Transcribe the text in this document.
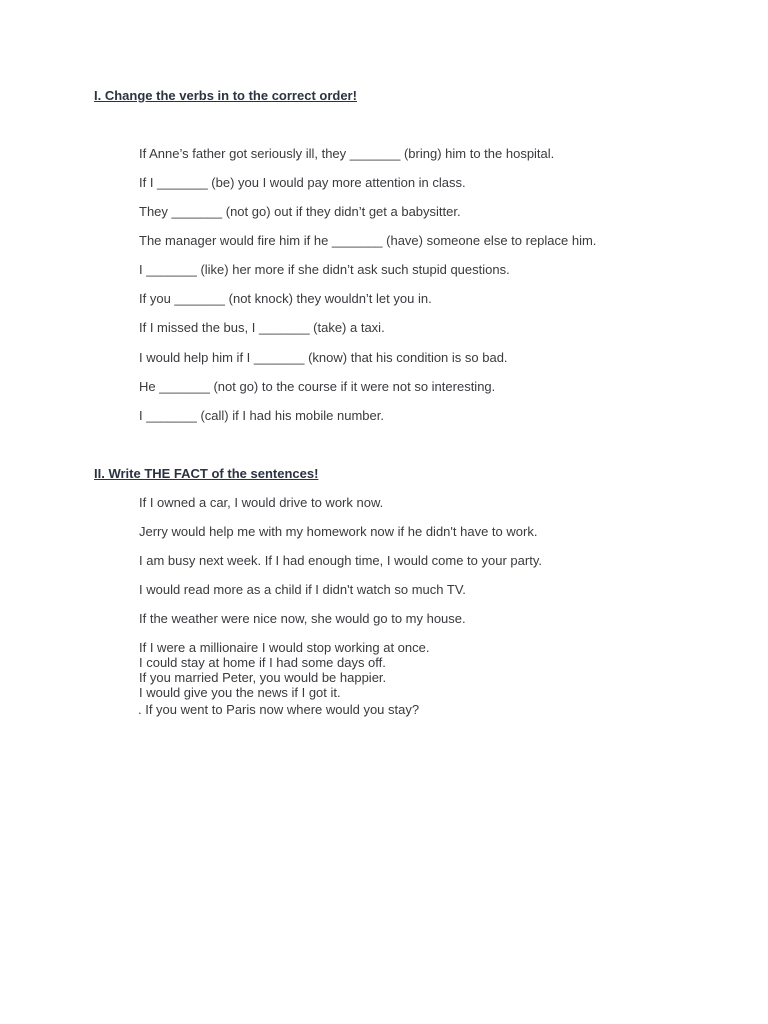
I. Change the verbs in to the correct order!
If Anne’s father got seriously ill, they _______ (bring) him to the hospital.
If I _______ (be) you I would pay more attention in class.
They _______ (not go) out if they didn’t get a babysitter.
The manager would fire him if he _______ (have) someone else to replace him.
I _______ (like) her more if she didn’t ask such stupid questions.
If you _______ (not knock) they wouldn’t let you in.
If I missed the bus, I _______ (take) a taxi.
I would help him if I _______ (know) that his condition is so bad.
He _______ (not go) to the course if it were not so interesting.
I _______ (call) if I had his mobile number.
II. Write THE FACT of the sentences!
If I owned a car, I would drive to work now.
Jerry would help me with my homework now if he didn't have to work.
I am busy next week. If I had enough time, I would come to your party.
I would read more as a child if I didn't watch so much TV.
If the weather were nice now, she would go to my house.
If I were a millionaire I would stop working at once.
I could stay at home if I had some days off.
If you married Peter, you would be happier.
I would give you the news if I got it.
. If you went to Paris now where would you stay?
